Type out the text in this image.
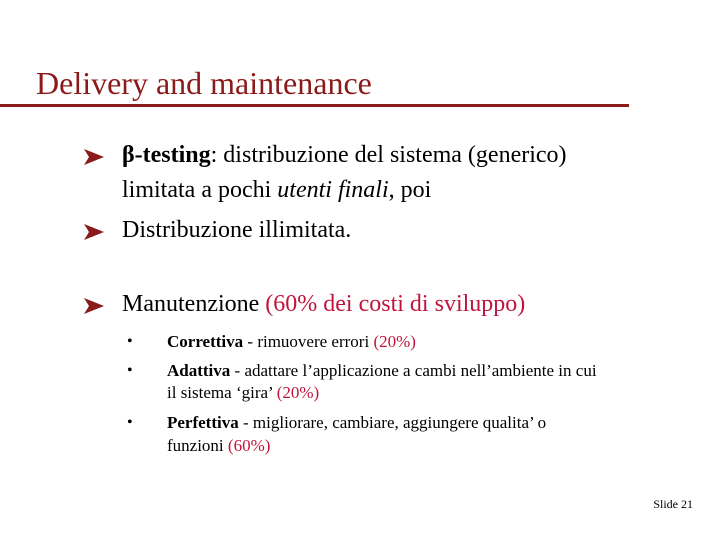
Delivery and maintenance
β-testing: distribuzione del sistema (generico)
limitata a pochi utenti finali, poi
Distribuzione illimitata.
Manutenzione (60% dei costi di sviluppo)
• Correttiva - rimuovere errori (20%)
• Adattiva - adattare l’applicazione a cambi nell’ambiente in cui
il sistema ‘gira’ (20%)
• Perfettiva - migliorare, cambiare, aggiungere qualita’ o
funzioni (60%)
Slide 21
